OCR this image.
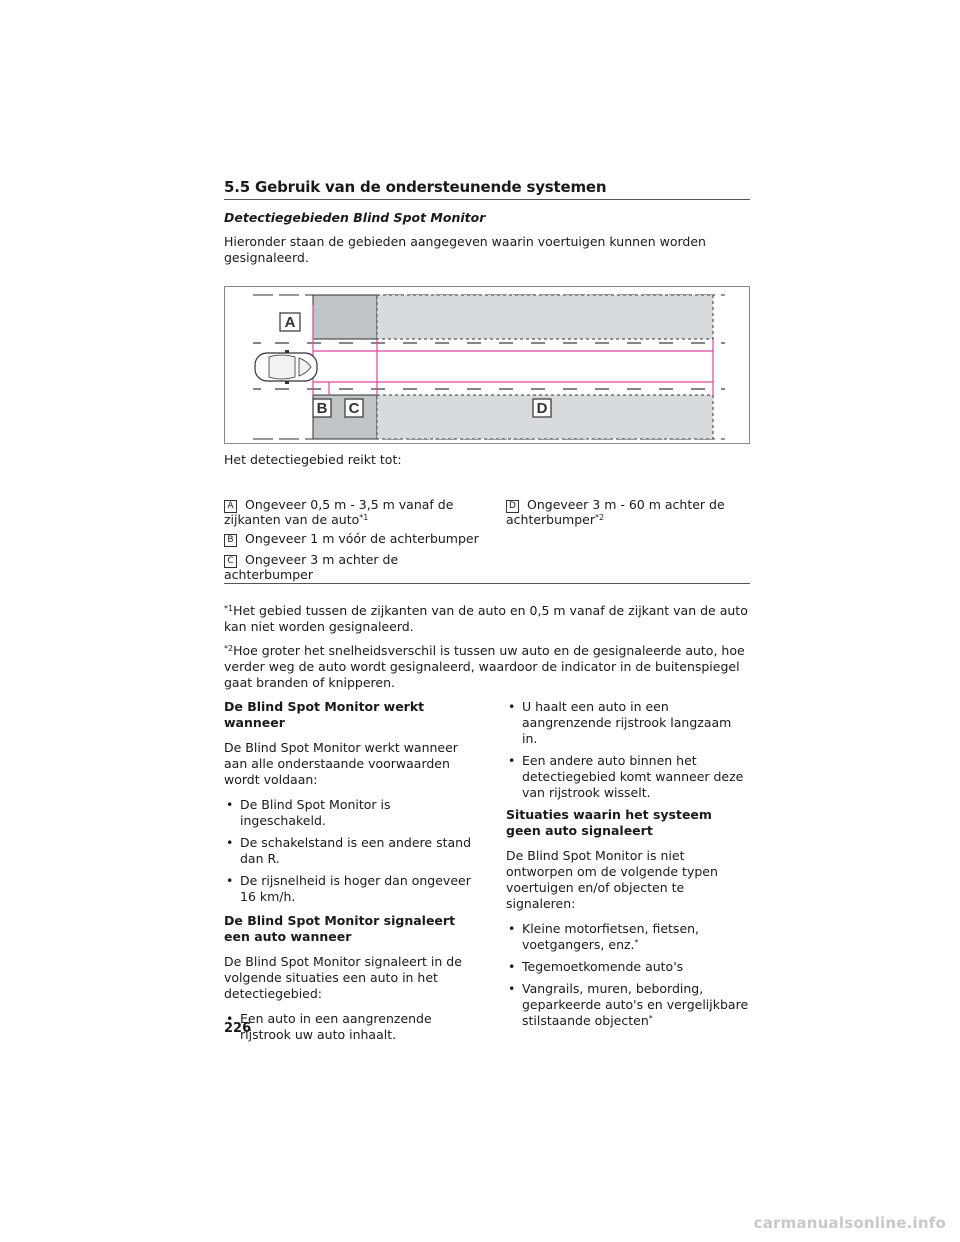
5.5 Gebruik van de ondersteunende systemen
Detectiegebieden Blind Spot Monitor
Hieronder staan de gebieden aangegeven waarin voertuigen kunnen worden gesignaleerd.
A
B C	D
Het detectiegebied reikt tot:
A Ongeveer 0,5 m - 3,5 m vanaf de zijkanten van de auto$^{*1}$
B Ongeveer 1 m vóór de achterbumper
C Ongeveer 3 m achter de achterbumper
D Ongeveer 3 m - 60 m achter de achterbumper$^{*2}$
$^{*1}$Het gebied tussen de zijkanten van de auto en 0,5 m vanaf de zijkant van de auto kan niet worden gesignaleerd.
$^{*2}$Hoe groter het snelheidsverschil is tussen uw auto en de gesignaleerde auto, hoe verder weg de auto wordt gesignaleerd, waardoor de indicator in de buitenspiegel gaat branden of knipperen.
De Blind Spot Monitor werkt wanneer
De Blind Spot Monitor werkt wanneer aan alle onderstaande voorwaarden wordt voldaan:
• De Blind Spot Monitor is ingeschakeld.
• De schakelstand is een andere stand dan R.
• De rijsnelheid is hoger dan ongeveer 16 km/h.
De Blind Spot Monitor signaleert een auto wanneer
De Blind Spot Monitor signaleert in de volgende situaties een auto in het detectiegebied:
• Een auto in een aangrenzende rijstrook uw auto inhaalt.
• U haalt een auto in een aangrenzende rijstrook langzaam in.
• Een andere auto binnen het detectiegebied komt wanneer deze van rijstrook wisselt.
Situaties waarin het systeem geen auto signaleert
De Blind Spot Monitor is niet ontworpen om de volgende typen voertuigen en/of objecten te signaleren:
• Kleine motorfietsen, fietsen, voetgangers, enz.*
• Tegemoetkomende auto's
• Vangrails, muren, bebording, geparkeerde auto's en vergelijkbare stilstaande objecten*
226
carmanualsonline.info
